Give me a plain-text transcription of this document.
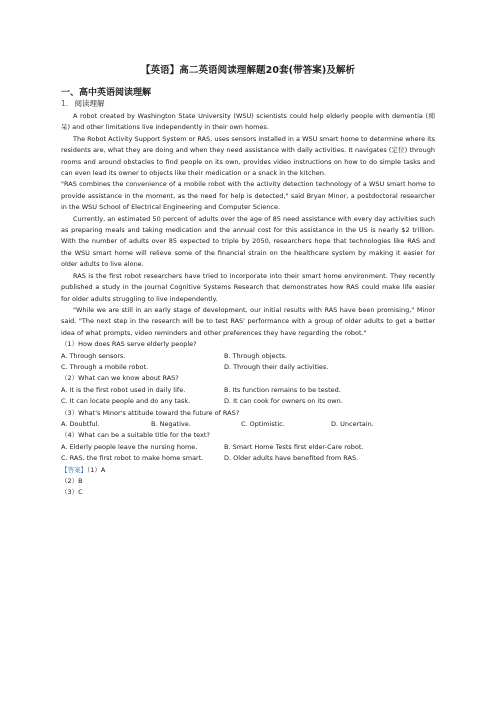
【英语】高二英语阅读理解题20套(带答案)及解析
一、高中英语阅读理解
1. 阅读理解

A robot created by Washington State University (WSU) scientists could help elderly people with dementia (痴呆) and other limitations live independently in their own homes.

The Robot Activity Support System or RAS, uses sensors installed in a WSU smart home to determine where its residents are, what they are doing and when they need assistance with daily activities. It navigates (定位) through rooms and around obstacles to find people on its own, provides video instructions on how to do simple tasks and can even lead its owner to objects like their medication or a snack in the kitchen.

"RAS combines the convenience of a mobile robot with the activity detection technology of a WSU smart home to provide assistance in the moment, as the need for help is detected," said Bryan Minor, a postdoctoral researcher in the WSU School of Electrical Engineering and Computer Science.

Currently, an estimated 50 percent of adults over the age of 85 need assistance with every day activities such as preparing meals and taking medication and the annual cost for this assistance in the US is nearly $2 trillion. With the number of adults over 85 expected to triple by 2050, researchers hope that technologies like RAS and the WSU smart home will relieve some of the financial strain on the healthcare system by making it easier for older adults to live alone.

RAS is the first robot researchers have tried to incorporate into their smart home environment. They recently published a study in the journal Cognitive Systems Research that demonstrates how RAS could make life easier for older adults struggling to live independently.

"While we are still in an early stage of development, our initial results with RAS have been promising," Minor said. "The next step in the research will be to test RAS' performance with a group of older adults to get a better idea of what prompts, video reminders and other preferences they have regarding the robot."

（1）How does RAS serve elderly people?

A. Through sensors.	B. Through objects.
C. Through a mobile robot.	D. Through their daily activities.

（2）What can we know about RAS?

A. It is the first robot used in daily life.	B. Its function remains to be tested.
C. It can locate people and do any task.	D. It can cook for owners on its own.

（3）What's Minor's attitude toward the future of RAS?

A. Doubtful.	B. Negative.	C. Optimistic.	D. Uncertain.

（4）What can be a suitable title for the text?

A. Elderly people leave the nursing home.	B. Smart Home Tests first elder-Care robot.
C. RAS, the first robot to make home smart.	D. Older adults have benefited from RAS.

【答案】（1）A

（2）B

（3）C
